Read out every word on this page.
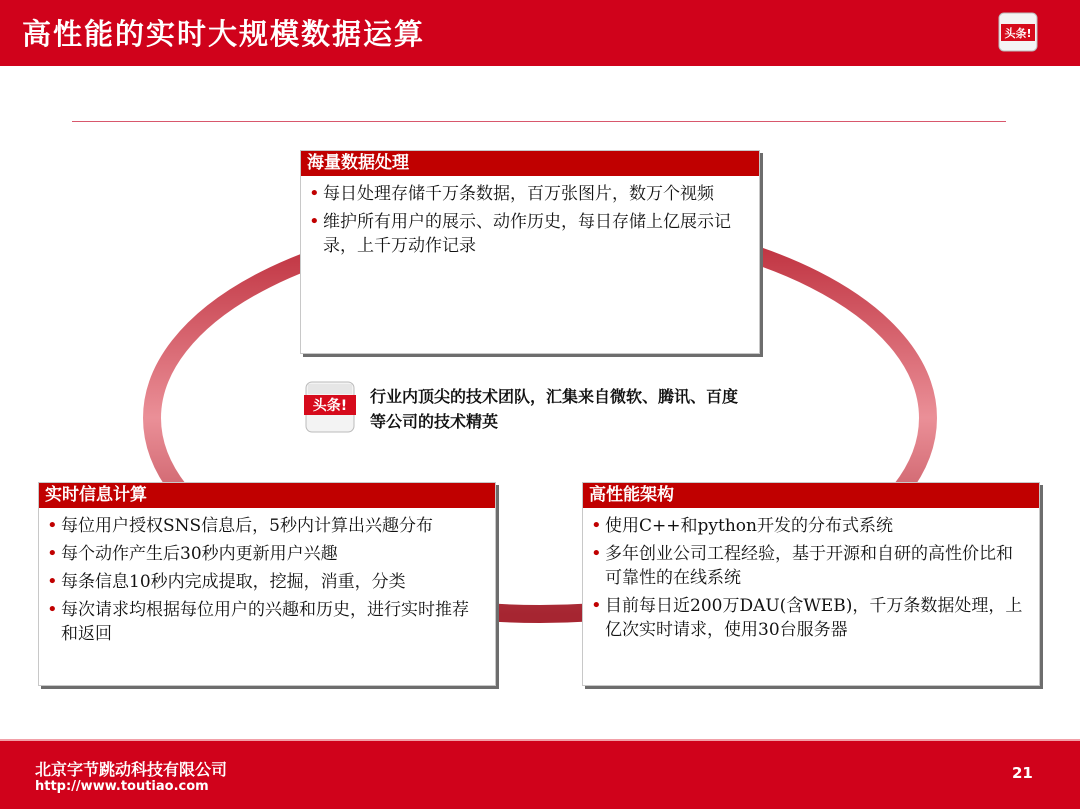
高性能的实时大规模数据运算	头条!
海量数据处理
• 每日处理存储千万条数据，百万张图片，数万个视频
• 维护所有用户的展示、动作历史，每日存储上亿展示记录，上千万动作记录
头条! 行业内顶尖的技术团队，汇集来自微软、腾讯、百度等公司的技术精英
实时信息计算
• 每位用户授权SNS信息后，5秒内计算出兴趣分布
• 每个动作产生后30秒内更新用户兴趣
• 每条信息10秒内完成提取，挖掘，消重，分类
• 每次请求均根据每位用户的兴趣和历史，进行实时推荐和返回
高性能架构
• 使用C++和python开发的分布式系统
• 多年创业公司工程经验，基于开源和自研的高性价比和可靠性的在线系统
• 目前每日近200万DAU(含WEB)，千万条数据处理，上亿次实时请求，使用30台服务器
北京字节跳动科技有限公司
http://www.toutiao.com
21
